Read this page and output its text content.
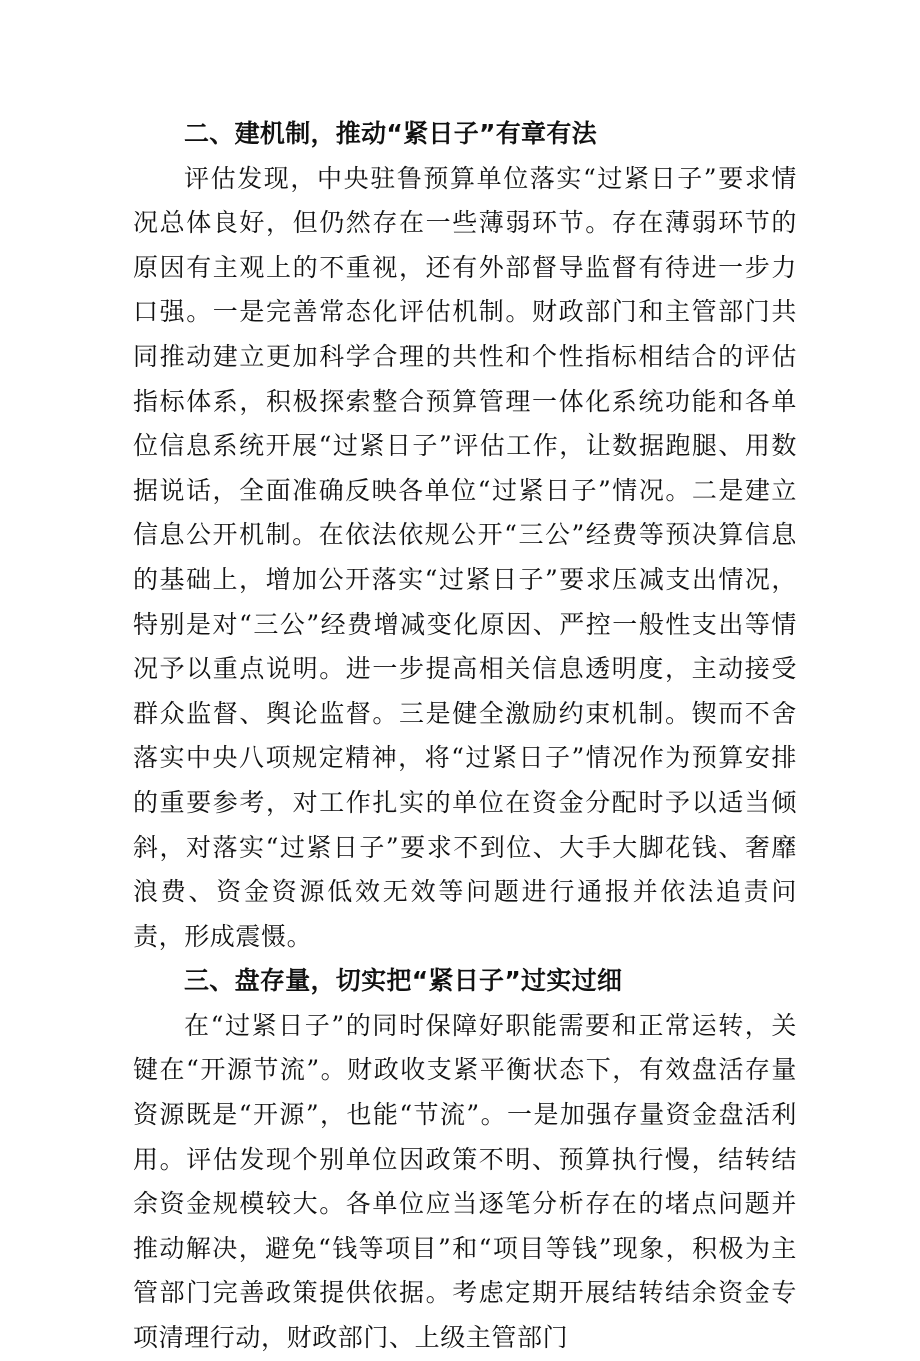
二、建机制，推动“紧日子”有章有法

评估发现，中央驻鲁预算单位落实“过紧日子”要求情况总体良好，但仍然存在一些薄弱环节。存在薄弱环节的原因有主观上的不重视，还有外部督导监督有待进一步力口强。一是完善常态化评估机制。财政部门和主管部门共同推动建立更加科学合理的共性和个性指标相结合的评估指标体系，积极探索整合预算管理一体化系统功能和各单位信息系统开展“过紧日子”评估工作，让数据跑腿、用数据说话，全面准确反映各单位“过紧日子”情况。二是建立信息公开机制。在依法依规公开“三公”经费等预决算信息的基础上，增加公开落实“过紧日子”要求压减支出情况，特别是对“三公”经费增减变化原因、严控一般性支出等情况予以重点说明。进一步提高相关信息透明度，主动接受群众监督、舆论监督。三是健全激励约束机制。锲而不舍落实中央八项规定精神，将“过紧日子”情况作为预算安排的重要参考，对工作扎实的单位在资金分配时予以适当倾斜，对落实“过紧日子”要求不到位、大手大脚花钱、奢靡浪费、资金资源低效无效等问题进行通报并依法追责问责，形成震慑。

三、盘存量，切实把“紧日子”过实过细

在“过紧日子”的同时保障好职能需要和正常运转，关键在“开源节流”。财政收支紧平衡状态下，有效盘活存量资源既是“开源”，也能“节流”。一是加强存量资金盘活利用。评估发现个别单位因政策不明、预算执行慢，结转结余资金规模较大。各单位应当逐笔分析存在的堵点问题并推动解决，避免“钱等项目”和“项目等钱”现象，积极为主管部门完善政策提供依据。考虑定期开展结转结余资金专项清理行动，财政部门、上级主管部门
